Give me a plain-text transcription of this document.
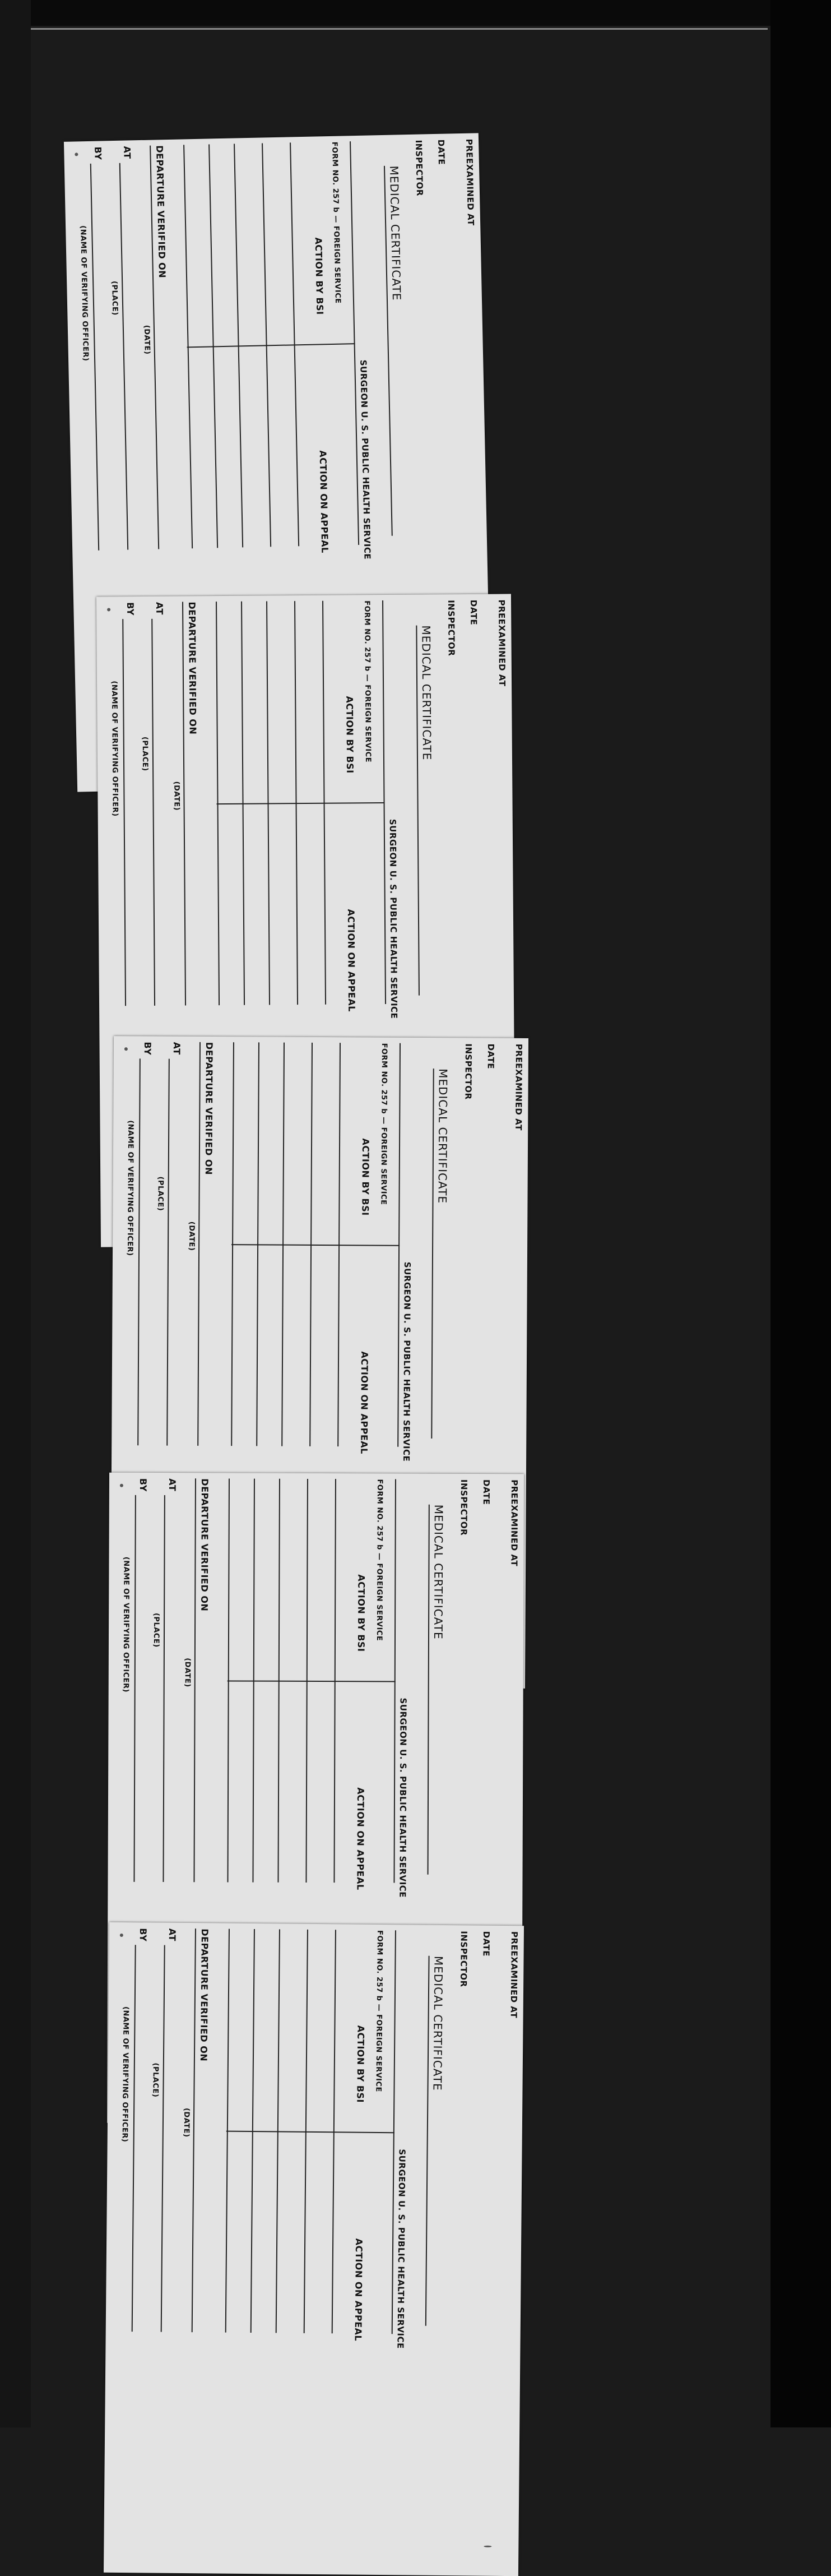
PREEXAMINED AT
DATE
INSPECTOR
MEDICAL CERTIFICATE
SURGEON U. S. PUBLIC HEALTH SERVICE
FORM NO. 257 b — FOREIGN SERVICE
ACTION BY BSI
ACTION ON APPEAL
DEPARTURE VERIFIED ON
(DATE)
AT
(PLACE)
BY
(NAME OF VERIFYING OFFICER)
PREEXAMINED AT
DATE
INSPECTOR
MEDICAL CERTIFICATE
SURGEON U. S. PUBLIC HEALTH SERVICE
FORM NO. 257 b — FOREIGN SERVICE
ACTION BY BSI
ACTION ON APPEAL
DEPARTURE VERIFIED ON
(DATE)
AT
(PLACE)
BY
(NAME OF VERIFYING OFFICER)
PREEXAMINED AT
DATE
INSPECTOR
MEDICAL CERTIFICATE
SURGEON U. S. PUBLIC HEALTH SERVICE
FORM NO. 257 b — FOREIGN SERVICE
ACTION BY BSI
ACTION ON APPEAL
DEPARTURE VERIFIED ON
(DATE)
AT
(PLACE)
BY
(NAME OF VERIFYING OFFICER)
PREEXAMINED AT
DATE
INSPECTOR
MEDICAL CERTIFICATE
SURGEON U. S. PUBLIC HEALTH SERVICE
FORM NO. 257 b — FOREIGN SERVICE
ACTION BY BSI
ACTION ON APPEAL
DEPARTURE VERIFIED ON
(DATE)
AT
(PLACE)
BY
(NAME OF VERIFYING OFFICER)
PREEXAMINED AT
DATE
INSPECTOR
MEDICAL CERTIFICATE
SURGEON U. S. PUBLIC HEALTH SERVICE
FORM NO. 257 b — FOREIGN SERVICE
ACTION BY BSI
ACTION ON APPEAL
DEPARTURE VERIFIED ON
(DATE)
AT
(PLACE)
BY
(NAME OF VERIFYING OFFICER)
